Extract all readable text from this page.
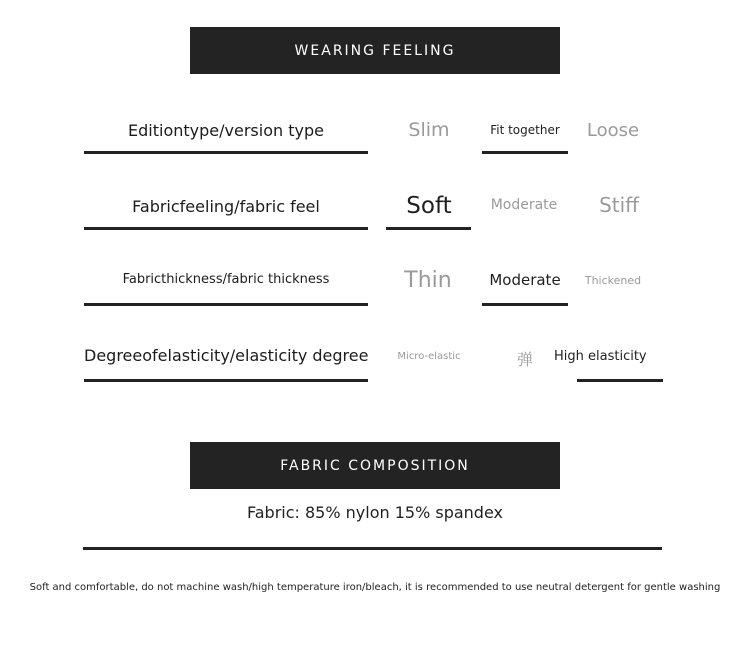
WEARING FEELING
Editiontype/version type	Slim	Fit together	Loose
Fabricfeeling/fabric feel	Soft	Moderate	Stiff
Fabricthickness/fabric thickness	Thin	Moderate	Thickened
Degreeofelasticity/elasticity degree	Micro-elastic	弹	High elasticity
FABRIC COMPOSITION
Fabric: 85% nylon 15% spandex
Soft and comfortable, do not machine wash/high temperature iron/bleach, it is recommended to use neutral detergent for gentle washing
